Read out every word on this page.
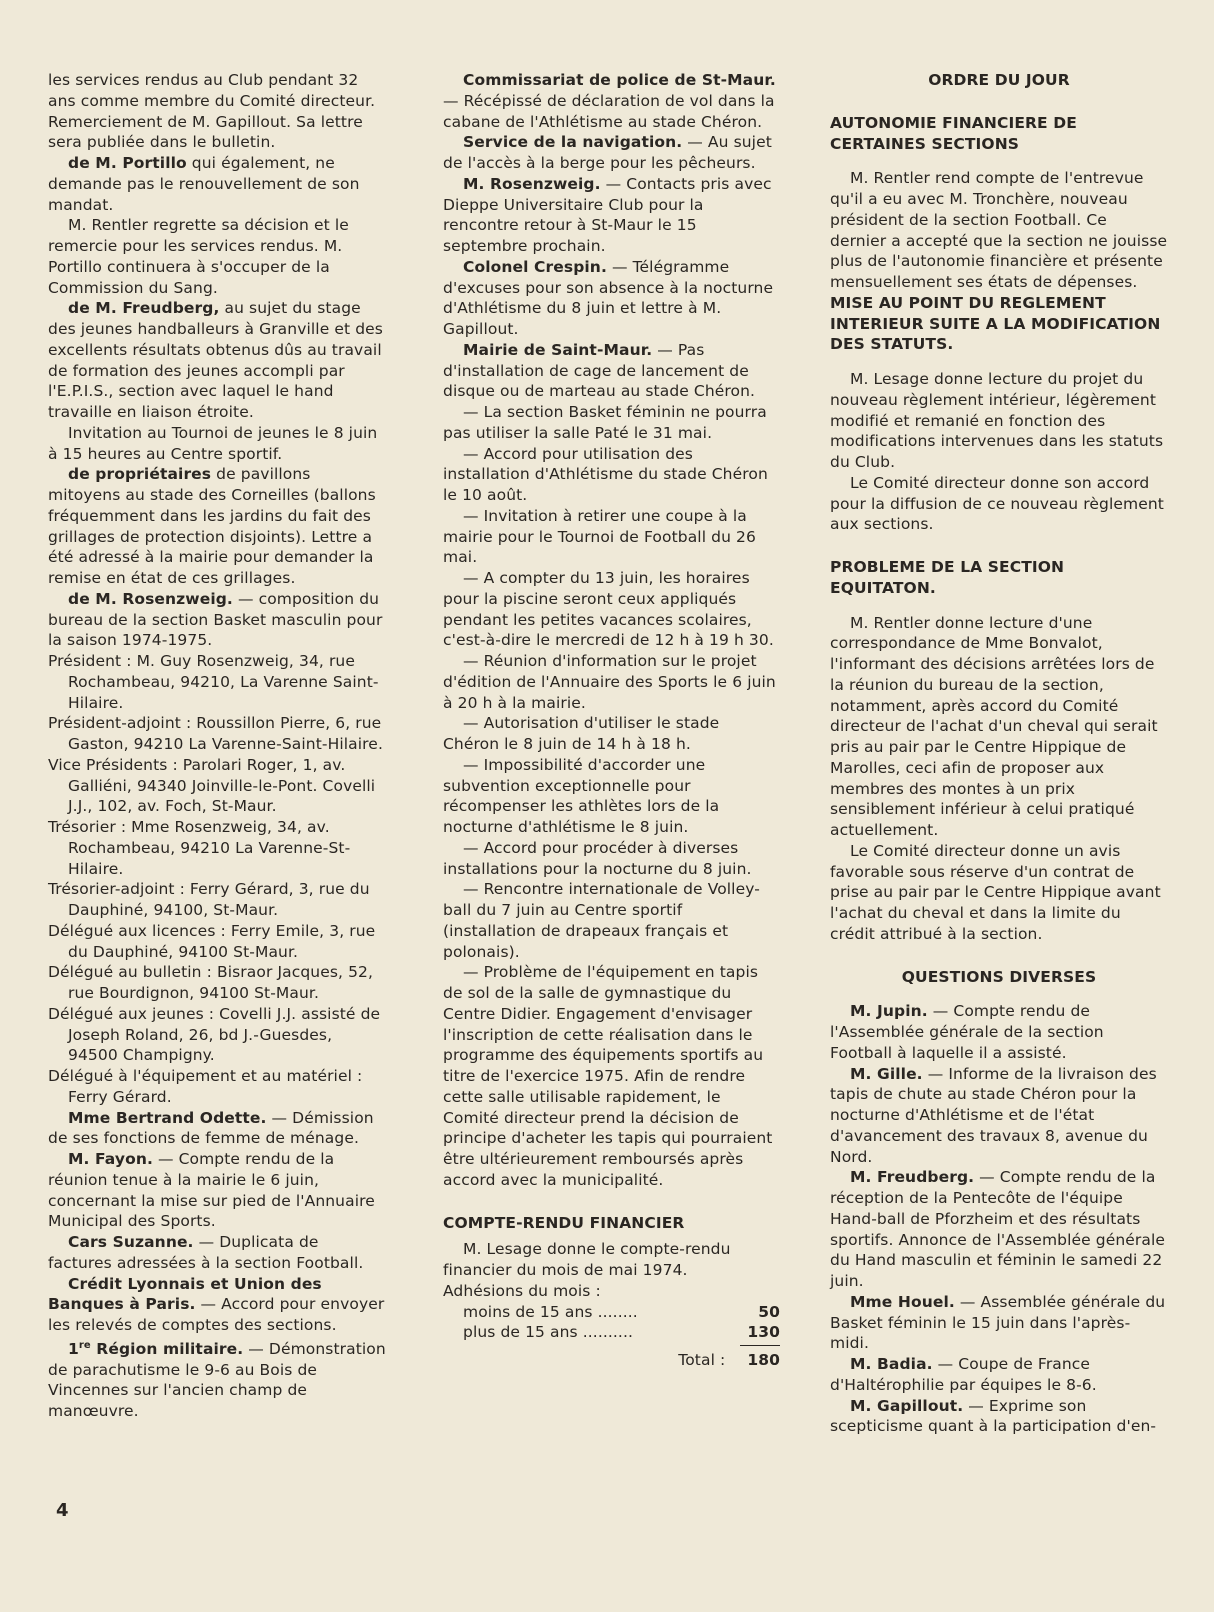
les services rendus au Club pendant 32 ans comme membre du Comité directeur. Remerciement de M. Gapillout. Sa lettre sera publiée dans le bulletin.

de M. Portillo qui également, ne demande pas le renouvellement de son mandat.

M. Rentler regrette sa décision et le remercie pour les services rendus. M. Portillo continuera à s'occuper de la Commission du Sang.

de M. Freudberg, au sujet du stage des jeunes handballeurs à Granville et des excellents résultats obtenus dûs au travail de formation des jeunes accompli par l'E.P.I.S., section avec laquel le hand travaille en liaison étroite.

Invitation au Tournoi de jeunes le 8 juin à 15 heures au Centre sportif.

de propriétaires de pavillons mitoyens au stade des Corneilles (ballons fréquemment dans les jardins du fait des grillages de protection disjoints). Lettre a été adressé à la mairie pour demander la remise en état de ces grillages.

de M. Rosenzweig. — composition du bureau de la section Basket masculin pour la saison 1974-1975.

Président : M. Guy Rosenzweig, 34, rue Rochambeau, 94210, La Varenne Saint-Hilaire.

Président-adjoint : Roussillon Pierre, 6, rue Gaston, 94210 La Varenne-Saint-Hilaire.

Vice Présidents : Parolari Roger, 1, av. Galliéni, 94340 Joinville-le-Pont. Covelli J.J., 102, av. Foch, St-Maur.

Trésorier : Mme Rosenzweig, 34, av. Rochambeau, 94210 La Varenne-St-Hilaire.

Trésorier-adjoint : Ferry Gérard, 3, rue du Dauphiné, 94100, St-Maur.

Délégué aux licences : Ferry Emile, 3, rue du Dauphiné, 94100 St-Maur.

Délégué au bulletin : Bisraor Jacques, 52, rue Bourdignon, 94100 St-Maur.

Délégué aux jeunes : Covelli J.J. assisté de Joseph Roland, 26, bd J.-Guesdes, 94500 Champigny.

Délégué à l'équipement et au matériel : Ferry Gérard.

Mme Bertrand Odette. — Démission de ses fonctions de femme de ménage.

M. Fayon. — Compte rendu de la réunion tenue à la mairie le 6 juin, concernant la mise sur pied de l'Annuaire Municipal des Sports.

Cars Suzanne. — Duplicata de factures adressées à la section Football.

Crédit Lyonnais et Union des Banques à Paris. — Accord pour envoyer les relevés de comptes des sections.

1re Région militaire. — Démonstration de parachutisme le 9-6 au Bois de Vincennes sur l'ancien champ de manœuvre.

Commissariat de police de St-Maur. — Récépissé de déclaration de vol dans la cabane de l'Athlétisme au stade Chéron.

Service de la navigation. — Au sujet de l'accès à la berge pour les pêcheurs.

M. Rosenzweig. — Contacts pris avec Dieppe Universitaire Club pour la rencontre retour à St-Maur le 15 septembre prochain.

Colonel Crespin. — Télégramme d'excuses pour son absence à la nocturne d'Athlétisme du 8 juin et lettre à M. Gapillout.

Mairie de Saint-Maur. — Pas d'installation de cage de lancement de disque ou de marteau au stade Chéron.

— La section Basket féminin ne pourra pas utiliser la salle Paté le 31 mai.

— Accord pour utilisation des installation d'Athlétisme du stade Chéron le 10 août.

— Invitation à retirer une coupe à la mairie pour le Tournoi de Football du 26 mai.

— A compter du 13 juin, les horaires pour la piscine seront ceux appliqués pendant les petites vacances scolaires, c'est-à-dire le mercredi de 12 h à 19 h 30.

— Réunion d'information sur le projet d'édition de l'Annuaire des Sports le 6 juin à 20 h à la mairie.

— Autorisation d'utiliser le stade Chéron le 8 juin de 14 h à 18 h.

— Impossibilité d'accorder une subvention exceptionnelle pour récompenser les athlètes lors de la nocturne d'athlétisme le 8 juin.

— Accord pour procéder à diverses installations pour la nocturne du 8 juin.

— Rencontre internationale de Volley-ball du 7 juin au Centre sportif (installation de drapeaux français et polonais).

— Problème de l'équipement en tapis de sol de la salle de gymnastique du Centre Didier. Engagement d'envisager l'inscription de cette réalisation dans le programme des équipements sportifs au titre de l'exercice 1975. Afin de rendre cette salle utilisable rapidement, le Comité directeur prend la décision de principe d'acheter les tapis qui pourraient être ultérieurement remboursés après accord avec la municipalité.

COMPTE-RENDU FINANCIER

M. Lesage donne le compte-rendu financier du mois de mai 1974.

Adhésions du mois :

moins de 15 ans ........	50
plus de 15 ans ..........	130
Total : 180

ORDRE DU JOUR

AUTONOMIE FINANCIERE DE CERTAINES SECTIONS

M. Rentler rend compte de l'entrevue qu'il a eu avec M. Tronchère, nouveau président de la section Football. Ce dernier a accepté que la section ne jouisse plus de l'autonomie financière et présente mensuellement ses états de dépenses.

MISE AU POINT DU REGLEMENT INTERIEUR SUITE A LA MODIFICATION DES STATUTS.

M. Lesage donne lecture du projet du nouveau règlement intérieur, légèrement modifié et remanié en fonction des modifications intervenues dans les statuts du Club.

Le Comité directeur donne son accord pour la diffusion de ce nouveau règlement aux sections.

PROBLEME DE LA SECTION EQUITATON.

M. Rentler donne lecture d'une correspondance de Mme Bonvalot, l'informant des décisions arrêtées lors de la réunion du bureau de la section, notamment, après accord du Comité directeur de l'achat d'un cheval qui serait pris au pair par le Centre Hippique de Marolles, ceci afin de proposer aux membres des montes à un prix sensiblement inférieur à celui pratiqué actuellement.

Le Comité directeur donne un avis favorable sous réserve d'un contrat de prise au pair par le Centre Hippique avant l'achat du cheval et dans la limite du crédit attribué à la section.

QUESTIONS DIVERSES

M. Jupin. — Compte rendu de l'Assemblée générale de la section Football à laquelle il a assisté.

M. Gille. — Informe de la livraison des tapis de chute au stade Chéron pour la nocturne d'Athlétisme et de l'état d'avancement des travaux 8, avenue du Nord.

M. Freudberg. — Compte rendu de la réception de la Pentecôte de l'équipe Hand-ball de Pforzheim et des résultats sportifs. Annonce de l'Assemblée générale du Hand masculin et féminin le samedi 22 juin.

Mme Houel. — Assemblée générale du Basket féminin le 15 juin dans l'après-midi.

M. Badia. — Coupe de France d'Haltérophilie par équipes le 8-6.

M. Gapillout. — Exprime son scepticisme quant à la participation d'en-

4
